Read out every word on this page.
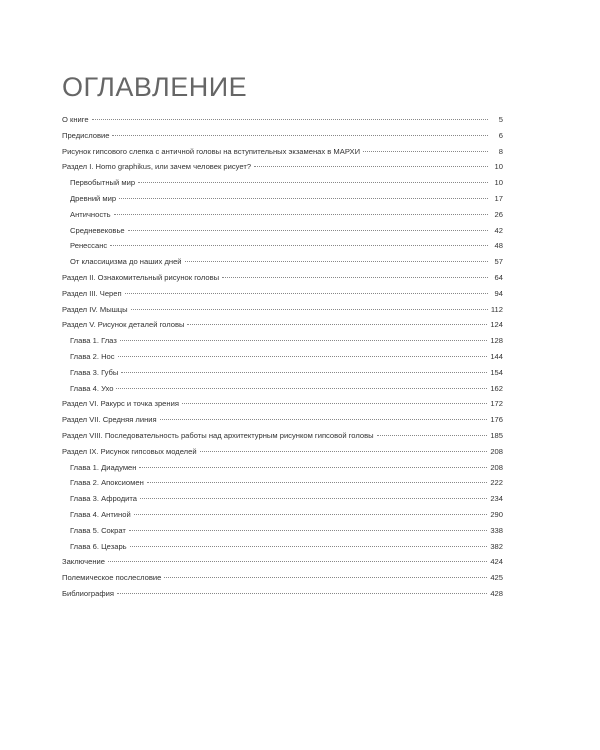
ОГЛАВЛЕНИЕ
О книге	5
Предисловие	6
Рисунок гипсового слепка с античной головы на вступительных экзаменах в МАРХИ	8
Раздел I. Homo graphikus, или зачем человек рисует?	10
Первобытный мир	10
Древний мир	17
Античность	26
Средневековье	42
Ренессанс	48
От классицизма до наших дней	57
Раздел II. Ознакомительный рисунок головы	64
Раздел III. Череп	94
Раздел IV. Мышцы	112
Раздел V. Рисунок деталей головы	124
Глава 1. Глаз	128
Глава 2. Нос	144
Глава 3. Губы	154
Глава 4. Ухо	162
Раздел VI. Ракурс и точка зрения	172
Раздел VII. Средняя линия	176
Раздел VIII. Последовательность работы над архитектурным рисунком гипсовой головы	185
Раздел IX. Рисунок гипсовых моделей	208
Глава 1. Диадумен	208
Глава 2. Апоксиомен	222
Глава 3. Афродита	234
Глава 4. Антиной	290
Глава 5. Сократ	338
Глава 6. Цезарь	382
Заключение	424
Полемическое послесловие	425
Библиография	428
